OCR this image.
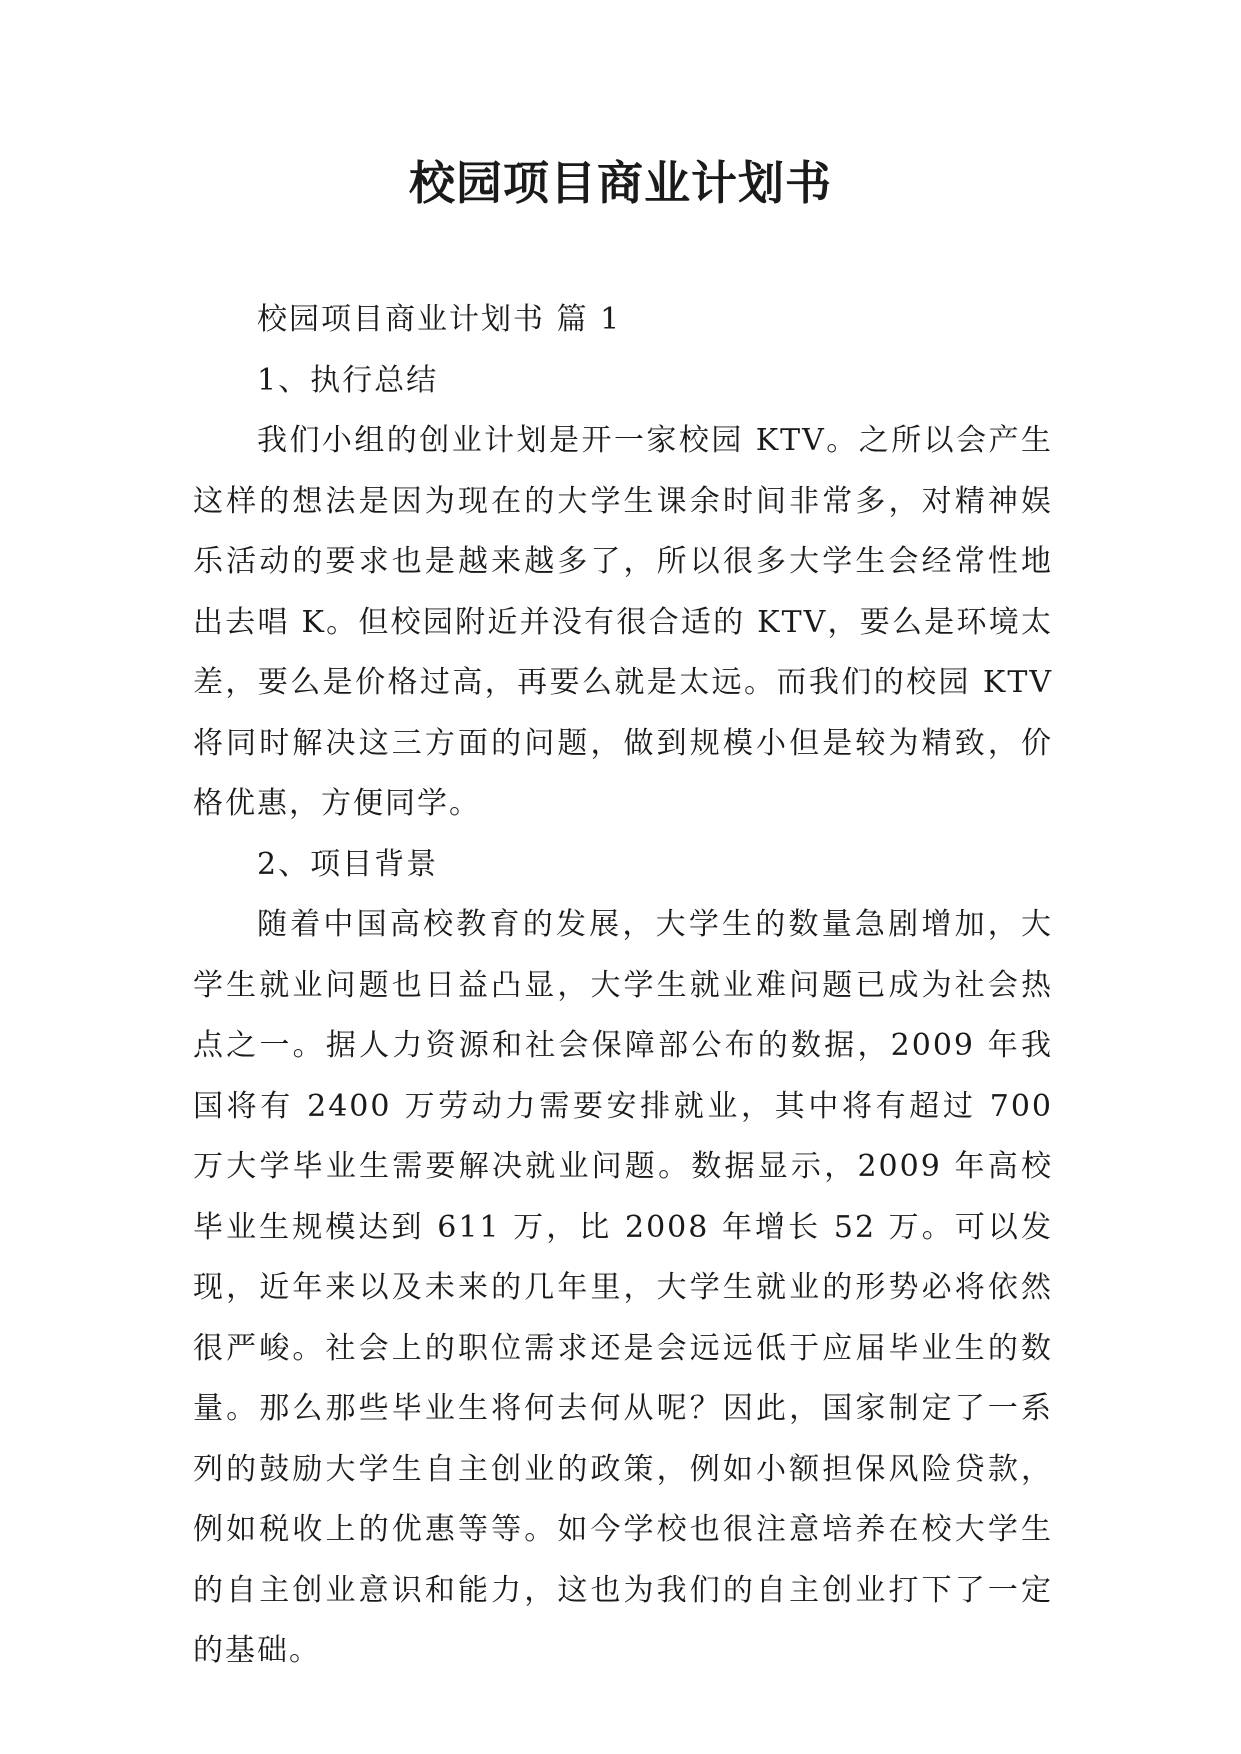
校园项目商业计划书

校园项目商业计划书 篇 1

1、执行总结

我们小组的创业计划是开一家校园 KTV。之所以会产生这样的想法是因为现在的大学生课余时间非常多，对精神娱乐活动的要求也是越来越多了，所以很多大学生会经常性地出去唱 K。但校园附近并没有很合适的 KTV，要么是环境太差，要么是价格过高，再要么就是太远。而我们的校园 KTV 将同时解决这三方面的问题，做到规模小但是较为精致，价格优惠，方便同学。

2、项目背景

随着中国高校教育的发展，大学生的数量急剧增加，大学生就业问题也日益凸显，大学生就业难问题已成为社会热点之一。据人力资源和社会保障部公布的数据，2009 年我国将有 2400 万劳动力需要安排就业，其中将有超过 700 万大学毕业生需要解决就业问题。数据显示，2009 年高校毕业生规模达到 611 万，比 2008 年增长 52 万。可以发现，近年来以及未来的几年里，大学生就业的形势必将依然很严峻。社会上的职位需求还是会远远低于应届毕业生的数量。那么那些毕业生将何去何从呢？因此，国家制定了一系列的鼓励大学生自主创业的政策，例如小额担保风险贷款，例如税收上的优惠等等。如今学校也很注意培养在校大学生的自主创业意识和能力，这也为我们的自主创业打下了一定的基础。
